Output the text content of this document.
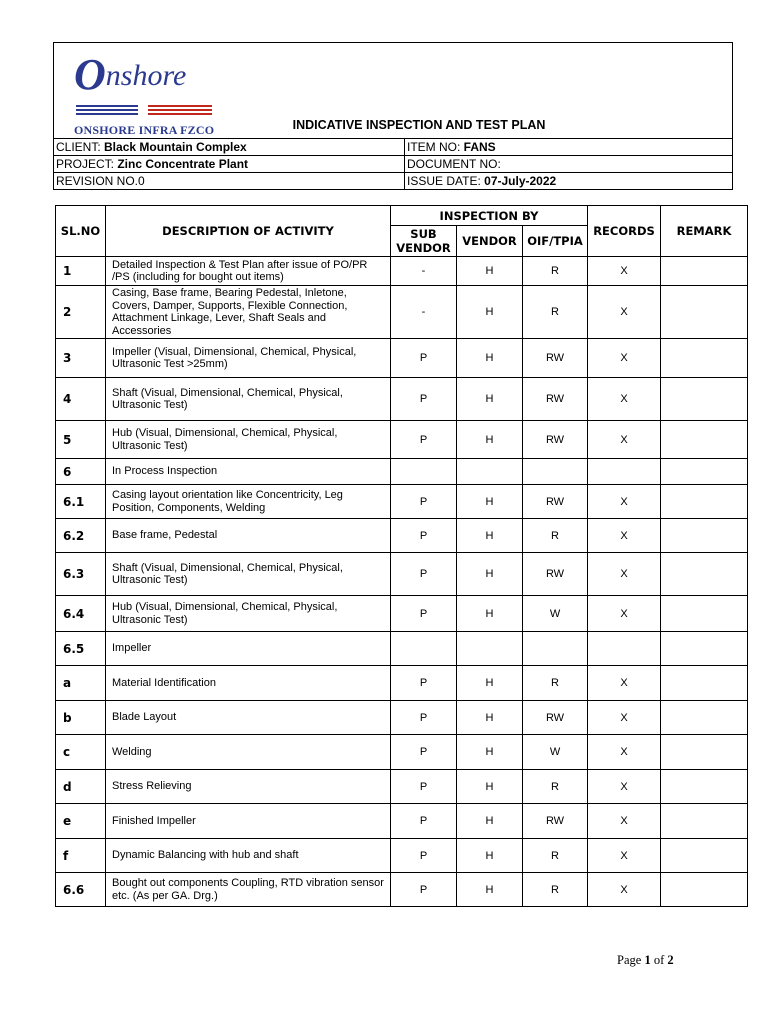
Onshore
ONSHORE INFRA FZCO	INDICATIVE INSPECTION AND TEST PLAN
CLIENT: Black Mountain Complex	ITEM NO: FANS
PROJECT: Zinc Concentrate Plant	DOCUMENT NO:
REVISION NO.0	ISSUE DATE: 07-July-2022
SL.NO	DESCRIPTION OF ACTIVITY	INSPECTION BY			RECORDS	REMARK
		SUB
VENDOR	VENDOR	OIF/TPIA		
1	Detailed Inspection & Test Plan after issue of PO/PR /PS (including for bought out items)	-	H	R	X	
2	Casing, Base frame, Bearing Pedestal, Inletone, Covers, Damper, Supports, Flexible Connection, Attachment Linkage, Lever, Shaft Seals and Accessories	-	H	R	X	
3	Impeller (Visual, Dimensional, Chemical, Physical, Ultrasonic Test >25mm)	P	H	RW	X	
4	Shaft (Visual, Dimensional, Chemical, Physical, Ultrasonic Test)	P	H	RW	X	
5	Hub (Visual, Dimensional, Chemical, Physical, Ultrasonic Test)	P	H	RW	X	
6	In Process Inspection					
6.1	Casing layout orientation like Concentricity, Leg Position, Components, Welding	P	H	RW	X	
6.2	Base frame, Pedestal	P	H	R	X	
6.3	Shaft (Visual, Dimensional, Chemical, Physical, Ultrasonic Test)	P	H	RW	X	
6.4	Hub (Visual, Dimensional, Chemical, Physical, Ultrasonic Test)	P	H	W	X	
6.5	Impeller					
a	Material Identification	P	H	R	X	
b	Blade Layout	P	H	RW	X	
c	Welding	P	H	W	X	
d	Stress Relieving	P	H	R	X	
e	Finished Impeller	P	H	RW	X	
f	Dynamic Balancing with hub and shaft	P	H	R	X	
6.6	Bought out components Coupling, RTD vibration sensor etc. (As per GA. Drg.)	P	H	R	X	
Page 1 of 2
